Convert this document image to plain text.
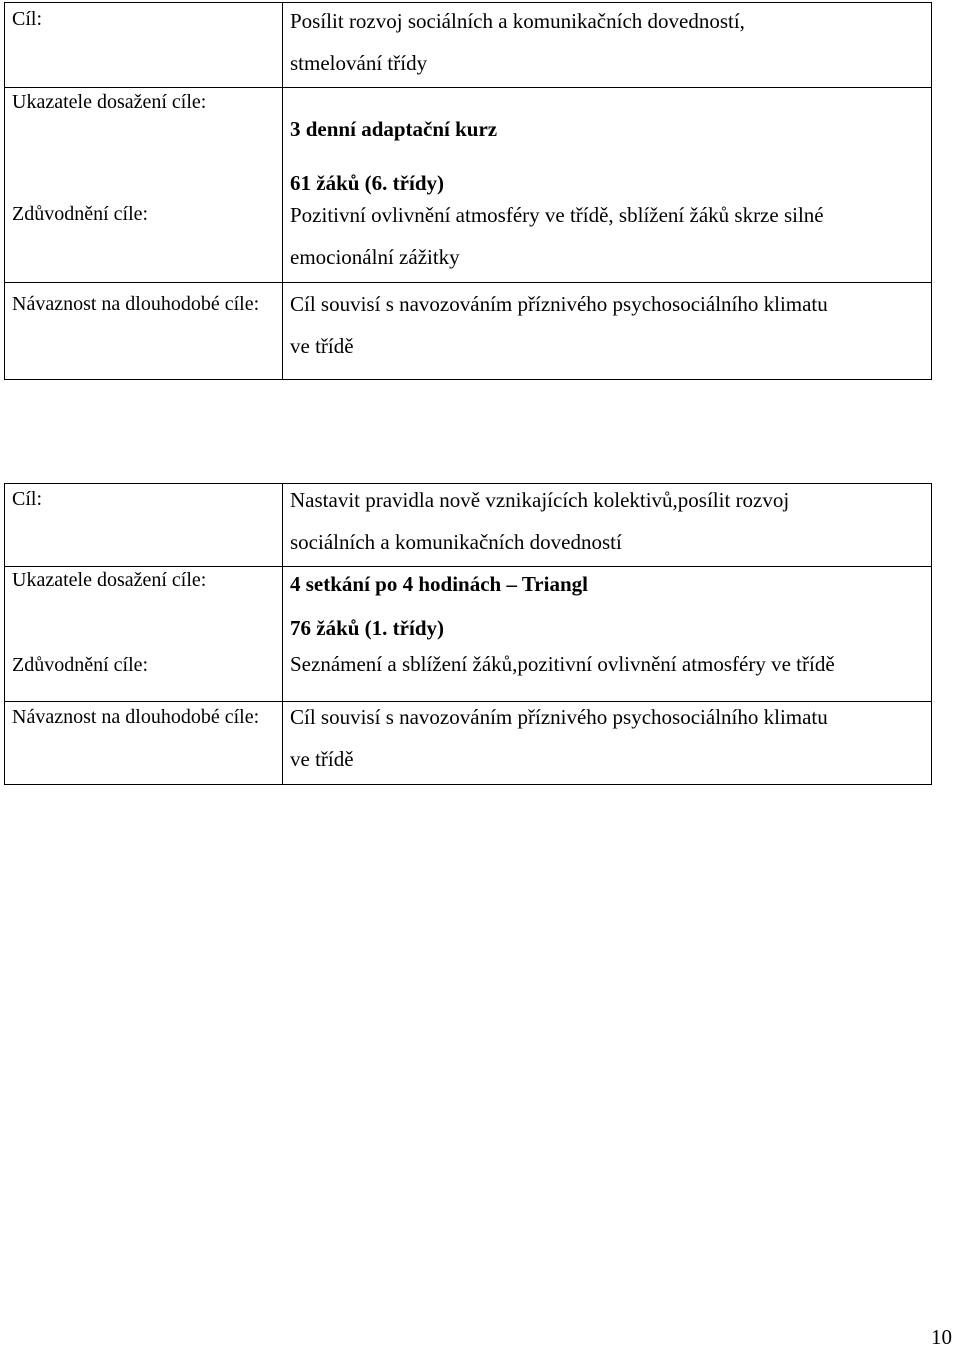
Cíl:	Posílit rozvoj sociálních a komunikačních dovedností,
stmelování třídy

Ukazatele dosažení cíle:	3 denní adaptační kurz
61 žáků (6. třídy)

Zdůvodnění cíle:	Pozitivní ovlivnění atmosféry ve třídě, sblížení žáků skrze silné
emocionální zážitky

Návaznost na dlouhodobé cíle:	Cíl souvisí s navozováním příznivého psychosociálního klimatu
ve třídě
Cíl:	Nastavit pravidla nově vznikajících kolektivů,posílit rozvoj
sociálních a komunikačních dovedností

Ukazatele dosažení cíle:	4 setkání po 4 hodinách – Triangl
76 žáků (1. třídy)

Zdůvodnění cíle:	Seznámení a sblížení žáků,pozitivní ovlivnění atmosféry ve třídě

Návaznost na dlouhodobé cíle:	Cíl souvisí s navozováním příznivého psychosociálního klimatu
ve třídě
10
